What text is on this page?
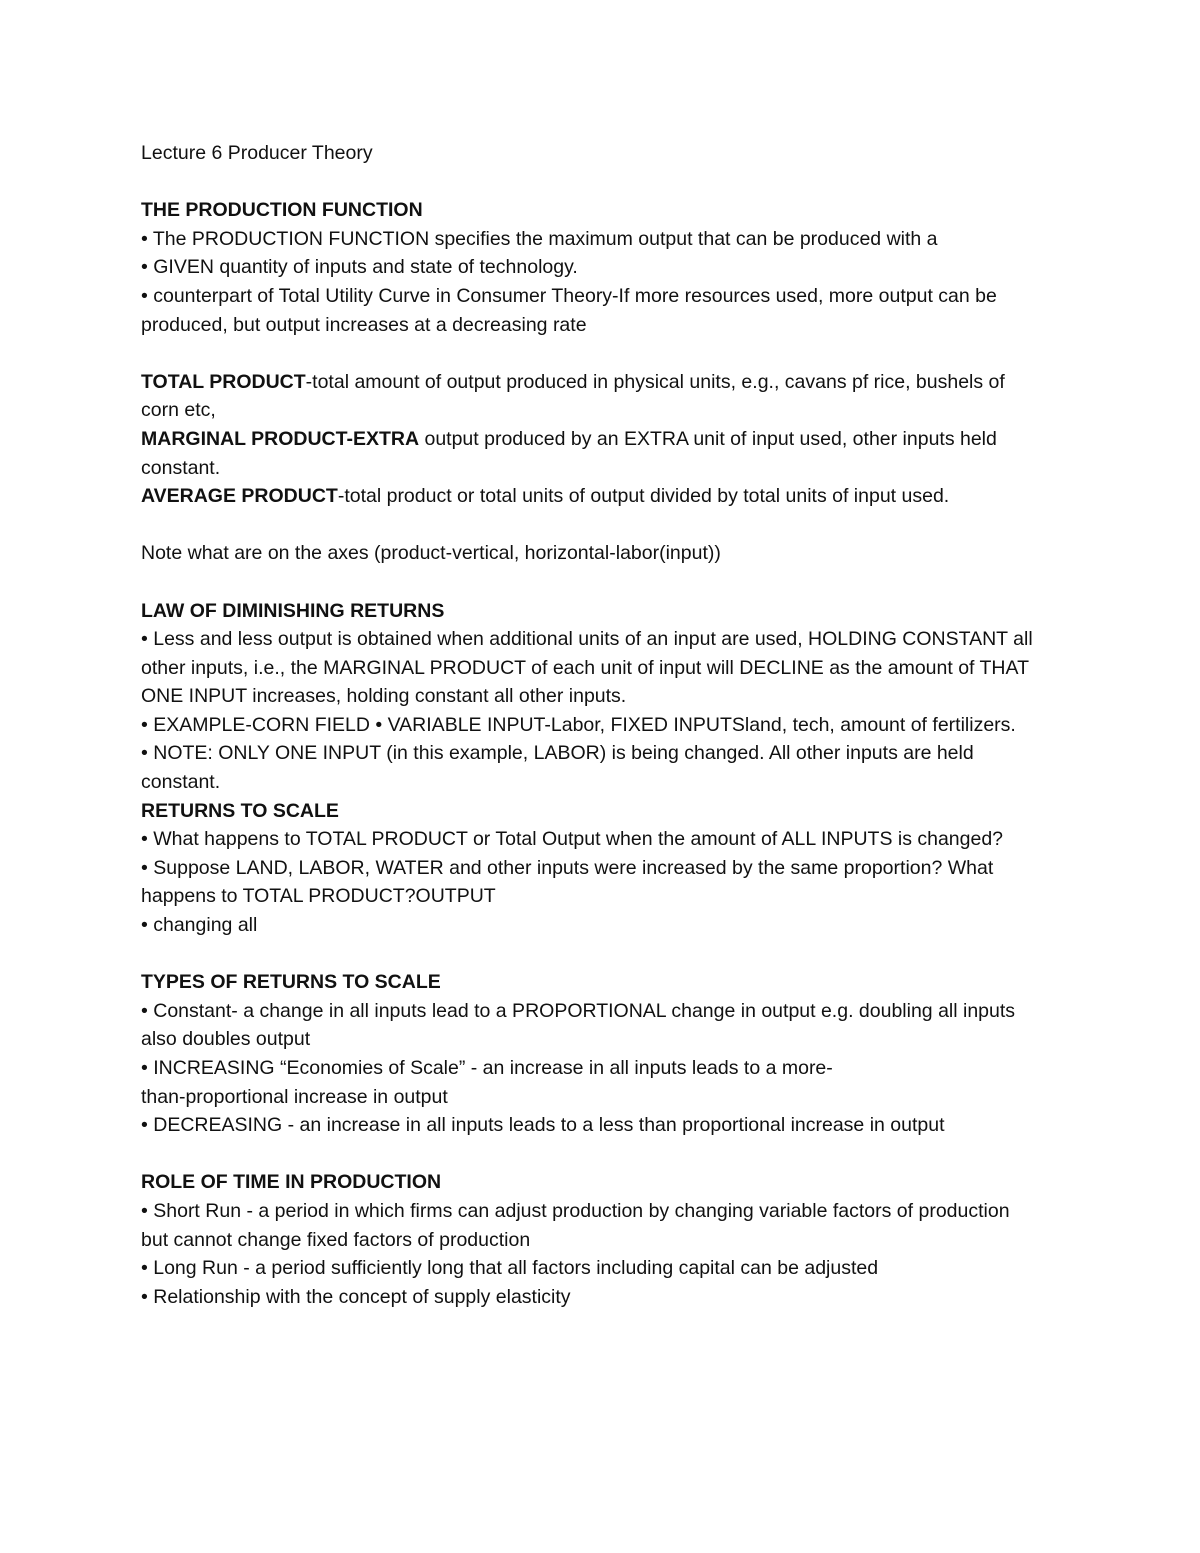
Lecture 6 Producer Theory

THE PRODUCTION FUNCTION

• The PRODUCTION FUNCTION specifies the maximum output that can be produced with a

• GIVEN quantity of inputs and state of technology.

• counterpart of Total Utility Curve in Consumer Theory-If more resources used, more output can be produced, but output increases at a decreasing rate

TOTAL PRODUCT-total amount of output produced in physical units, e.g., cavans pf rice, bushels of corn etc,

MARGINAL PRODUCT-EXTRA output produced by an EXTRA unit of input used, other inputs held constant.

AVERAGE PRODUCT-total product or total units of output divided by total units of input used.

Note what are on the axes (product-vertical, horizontal-labor(input))

LAW OF DIMINISHING RETURNS

• Less and less output is obtained when additional units of an input are used, HOLDING CONSTANT all other inputs, i.e., the MARGINAL PRODUCT of each unit of input will DECLINE as the amount of THAT ONE INPUT increases, holding constant all other inputs.

• EXAMPLE-CORN FIELD • VARIABLE INPUT-Labor, FIXED INPUTSland, tech, amount of fertilizers. • NOTE: ONLY ONE INPUT (in this example, LABOR) is being changed. All other inputs are held constant.

RETURNS TO SCALE

• What happens to TOTAL PRODUCT or Total Output when the amount of ALL INPUTS is changed?

• Suppose LAND, LABOR, WATER and other inputs were increased by the same proportion? What happens to TOTAL PRODUCT?OUTPUT

• changing all

TYPES OF RETURNS TO SCALE

• Constant- a change in all inputs lead to a PROPORTIONAL change in output e.g. doubling all inputs also doubles output

• INCREASING “Economies of Scale” - an increase in all inputs leads to a more-than-proportional increase in output

• DECREASING - an increase in all inputs leads to a less than proportional increase in output

ROLE OF TIME IN PRODUCTION

• Short Run - a period in which firms can adjust production by changing variable factors of production but cannot change fixed factors of production

• Long Run - a period sufficiently long that all factors including capital can be adjusted

• Relationship with the concept of supply elasticity
